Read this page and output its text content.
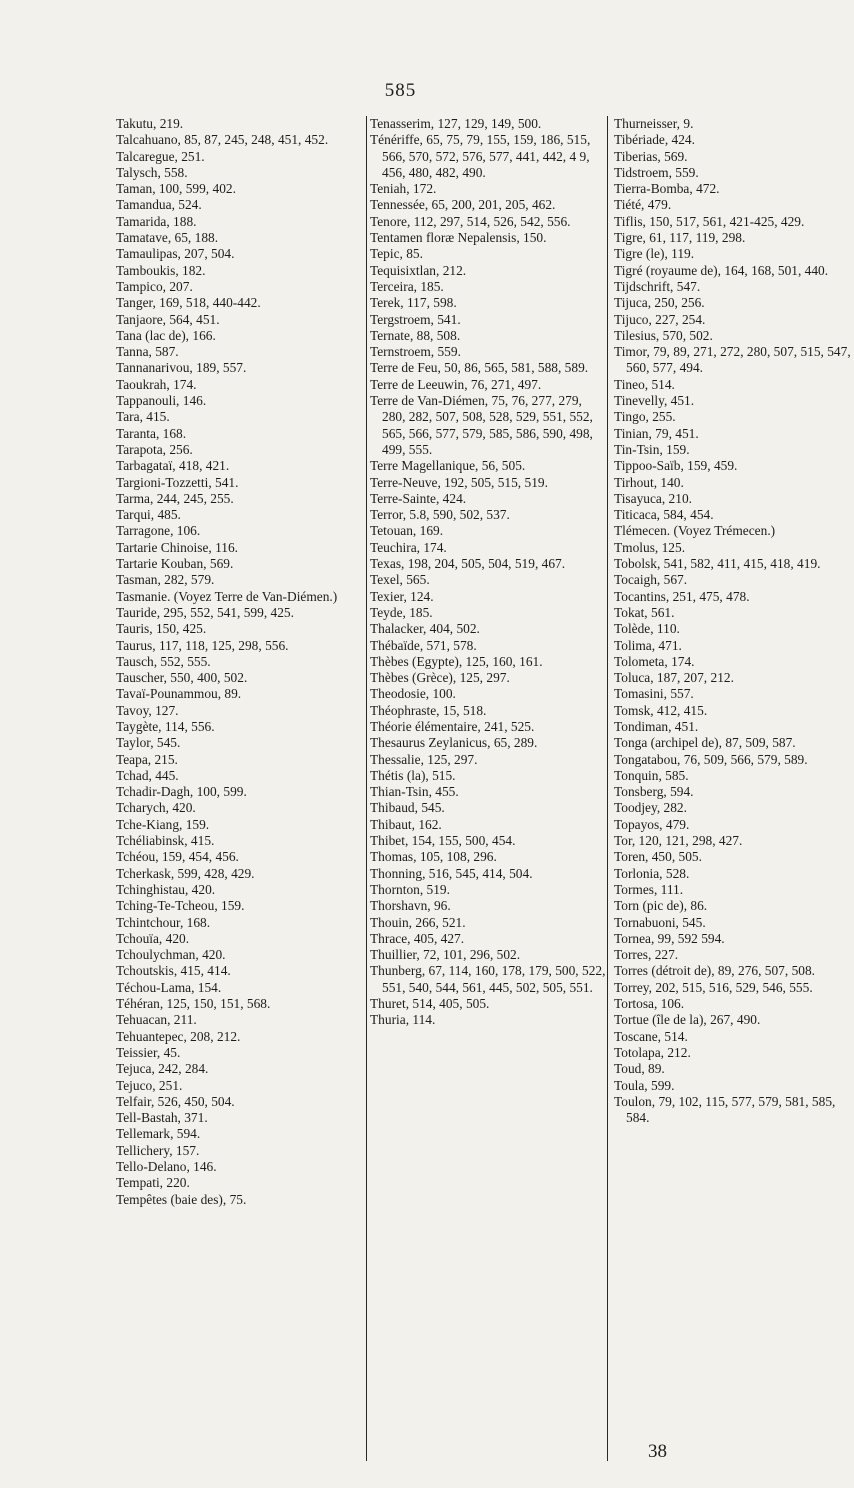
585

Takutu, 219.

Talcahuano, 85, 87, 245, 248, 451, 452.

Talcaregue, 251.

Talysch, 558.

Taman, 100, 599, 402.

Tamandua, 524.

Tamarida, 188.

Tamatave, 65, 188.

Tamaulipas, 207, 504.

Tamboukis, 182.

Tampico, 207.

Tanger, 169, 518, 440-442.

Tanjaore, 564, 451.

Tana (lac de), 166.

Tanna, 587.

Tannanarivou, 189, 557.

Taoukrah, 174.

Tappanouli, 146.

Tara, 415.

Taranta, 168.

Tarapota, 256.

Tarbagataï, 418, 421.

Targioni-Tozzetti, 541.

Tarma, 244, 245, 255.

Tarqui, 485.

Tarragone, 106.

Tartarie Chinoise, 116.

Tartarie Kouban, 569.

Tasman, 282, 579.

Tasmanie. (Voyez Terre de Van-Diémen.)

Tauride, 295, 552, 541, 599, 425.

Tauris, 150, 425.

Taurus, 117, 118, 125, 298, 556.

Tausch, 552, 555.

Tauscher, 550, 400, 502.

Tavaï-Pounammou, 89.

Tavoy, 127.

Taygète, 114, 556.

Taylor, 545.

Teapa, 215.

Tchad, 445.

Tchadir-Dagh, 100, 599.

Tcharych, 420.

Tche-Kiang, 159.

Tchéliabinsk, 415.

Tchéou, 159, 454, 456.

Tcherkask, 599, 428, 429.

Tchinghistau, 420.

Tching-Te-Tcheou, 159.

Tchintchour, 168.

Tchouïa, 420.

Tchoulychman, 420.

Tchoutskis, 415, 414.

Téchou-Lama, 154.

Téhéran, 125, 150, 151, 568.

Tehuacan, 211.

Tehuantepec, 208, 212.

Teissier, 45.

Tejuca, 242, 284.

Tejuco, 251.

Telfair, 526, 450, 504.

Tell-Bastah, 371.

Tellemark, 594.

Tellichery, 157.

Tello-Delano, 146.

Tempati, 220.

Tempêtes (baie des), 75.

Tenasserim, 127, 129, 149, 500.

Ténériffe, 65, 75, 79, 155, 159, 186, 515, 566, 570, 572, 576, 577, 441, 442, 4 9, 456, 480, 482, 490.

Teniah, 172.

Tennessée, 65, 200, 201, 205, 462.

Tenore, 112, 297, 514, 526, 542, 556.

Tentamen floræ Nepalensis, 150.

Tepic, 85.

Tequisixtlan, 212.

Terceira, 185.

Terek, 117, 598.

Tergstroem, 541.

Ternate, 88, 508.

Ternstroem, 559.

Terre de Feu, 50, 86, 565, 581, 588, 589.

Terre de Leeuwin, 76, 271, 497.

Terre de Van-Diémen, 75, 76, 277, 279, 280, 282, 507, 508, 528, 529, 551, 552, 565, 566, 577, 579, 585, 586, 590, 498, 499, 555.

Terre Magellanique, 56, 505.

Terre-Neuve, 192, 505, 515, 519.

Terre-Sainte, 424.

Terror, 5.8, 590, 502, 537.

Tetouan, 169.

Teuchira, 174.

Texas, 198, 204, 505, 504, 519, 467.

Texel, 565.

Texier, 124.

Teyde, 185.

Thalacker, 404, 502.

Thébaïde, 571, 578.

Thèbes (Egypte), 125, 160, 161.

Thèbes (Grèce), 125, 297.

Theodosie, 100.

Théophraste, 15, 518.

Théorie élémentaire, 241, 525.

Thesaurus Zeylanicus, 65, 289.

Thessalie, 125, 297.

Thétis (la), 515.

Thian-Tsin, 455.

Thibaud, 545.

Thibaut, 162.

Thibet, 154, 155, 500, 454.

Thomas, 105, 108, 296.

Thonning, 516, 545, 414, 504.

Thornton, 519.

Thorshavn, 96.

Thouin, 266, 521.

Thrace, 405, 427.

Thuillier, 72, 101, 296, 502.

Thunberg, 67, 114, 160, 178, 179, 500, 522, 551, 540, 544, 561, 445, 502, 505, 551.

Thuret, 514, 405, 505.

Thuria, 114.

Thurneisser, 9.

Tibériade, 424.

Tiberias, 569.

Tidstroem, 559.

Tierra-Bomba, 472.

Tiété, 479.

Tiflis, 150, 517, 561, 421-425, 429.

Tigre, 61, 117, 119, 298.

Tigre (le), 119.

Tigré (royaume de), 164, 168, 501, 440.

Tijdschrift, 547.

Tijuca, 250, 256.

Tijuco, 227, 254.

Tilesius, 570, 502.

Timor, 79, 89, 271, 272, 280, 507, 515, 547, 560, 577, 494.

Tineo, 514.

Tinevelly, 451.

Tingo, 255.

Tinian, 79, 451.

Tin-Tsin, 159.

Tippoo-Saïb, 159, 459.

Tirhout, 140.

Tisayuca, 210.

Titicaca, 584, 454.

Tlémecen. (Voyez Trémecen.)

Tmolus, 125.

Tobolsk, 541, 582, 411, 415, 418, 419.

Tocaigh, 567.

Tocantins, 251, 475, 478.

Tokat, 561.

Tolède, 110.

Tolima, 471.

Tolometa, 174.

Toluca, 187, 207, 212.

Tomasini, 557.

Tomsk, 412, 415.

Tondiman, 451.

Tonga (archipel de), 87, 509, 587.

Tongatabou, 76, 509, 566, 579, 589.

Tonquin, 585.

Tonsberg, 594.

Toodjey, 282.

Topayos, 479.

Tor, 120, 121, 298, 427.

Toren, 450, 505.

Torlonia, 528.

Tormes, 111.

Torn (pic de), 86.

Tornabuoni, 545.

Tornea, 99, 592 594.

Torres, 227.

Torres (détroit de), 89, 276, 507, 508.

Torrey, 202, 515, 516, 529, 546, 555.

Tortosa, 106.

Tortue (île de la), 267, 490.

Toscane, 514.

Totolapa, 212.

Toud, 89.

Toula, 599.

Toulon, 79, 102, 115, 577, 579, 581, 585, 584.

38
